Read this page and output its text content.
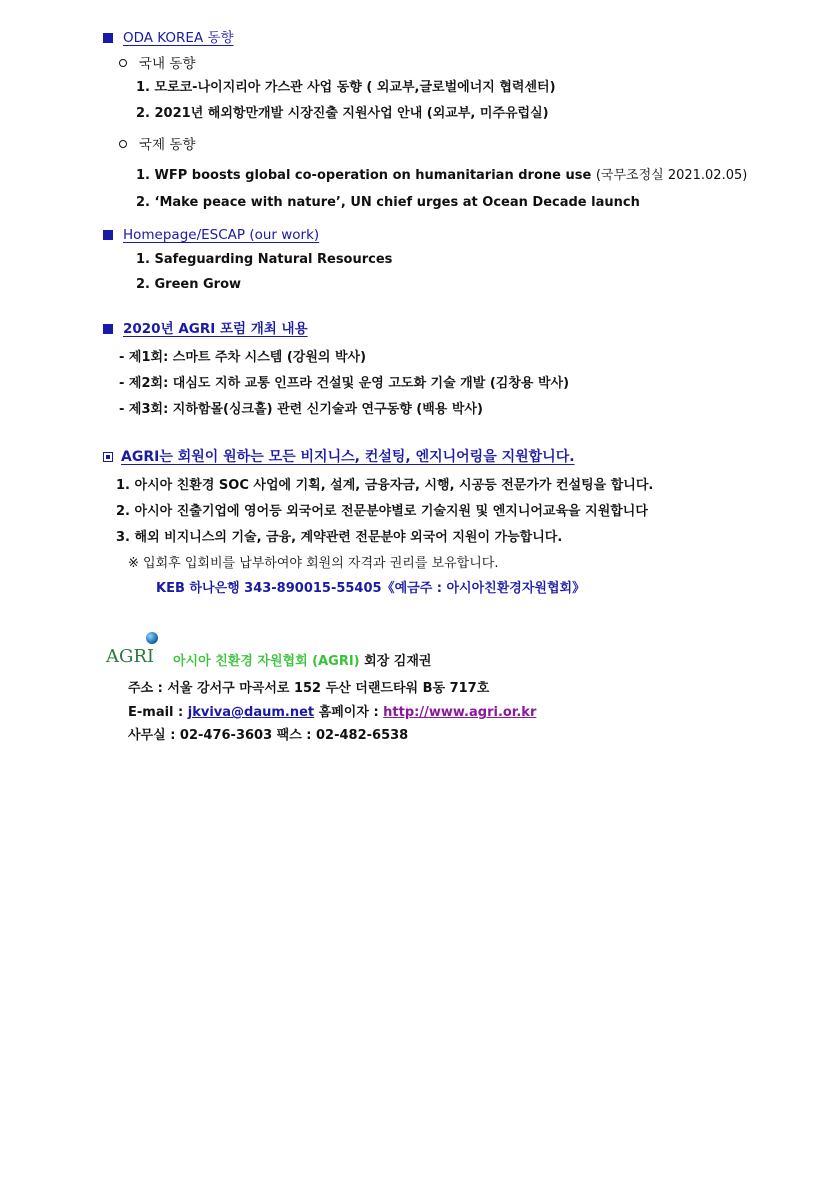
ODA KOREA 동향
국내 동향
1. 모로코-나이지리아 가스관 사업 동향 ( 외교부,글로벌에너지 협력센터)
2. 2021년 해외항만개발 시장진출 지원사업 안내 (외교부, 미주유럽실)
국제 동향
1. WFP boosts global co-operation on humanitarian drone use (국무조정실 2021.02.05)
2. ‘Make peace with nature’, UN chief urges at Ocean Decade launch
Homepage/ESCAP (our work)
1. Safeguarding Natural Resources
2. Green Grow
2020년 AGRI 포럼 개최 내용
- 제1회: 스마트 주차 시스템 (강원의 박사)
- 제2회: 대심도 지하 교통 인프라 건설및 운영 고도화 기술 개발 (김창용 박사)
- 제3회: 지하함몰(싱크홀) 관련 신기술과 연구동향 (백용 박사)
AGRI는 회원이 원하는 모든 비지니스, 컨설팅, 엔지니어링을 지원합니다.
1. 아시아 친환경 SOC 사업에 기획, 설계, 금융자금, 시행, 시공등 전문가가 컨설팅을 합니다.
2. 아시아 진출기업에 영어등 외국어로 전문분야별로 기술지원 및 엔지니어교육을 지원합니다
3. 해외 비지니스의 기술, 금융, 계약관련 전문분야 외국어 지원이 가능합니다.
※ 입회후 입회비를 납부하여야 회원의 자격과 권리를 보유합니다.
KEB 하나은행 343-890015-55405《예금주 : 아시아친환경자원협회》
AGRI 아시아 친환경 자원협회 (AGRI) 회장 김재권
주소 : 서울 강서구 마곡서로 152 두산 더랜드타워 B동 717호
E-mail : jkviva@daum.net 홈페이자 : http://www.agri.or.kr
사무실 : 02-476-3603 팩스 : 02-482-6538
